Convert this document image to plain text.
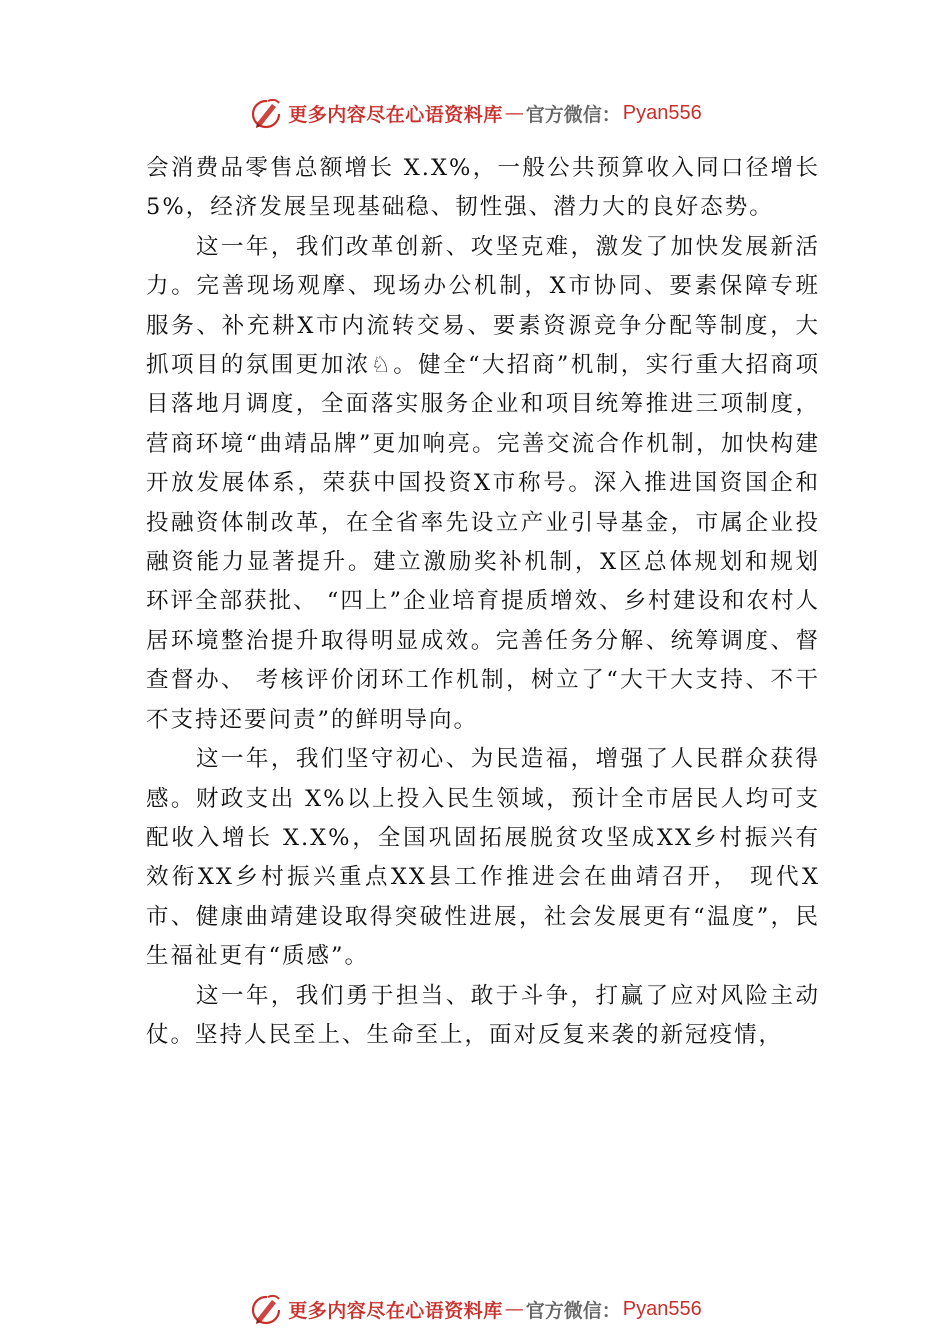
更多内容尽在心语资料库 — 官方微信： Pyan556

会消费品零售总额增长 X.X%，一般公共预算收入同口径增长5%，经济发展呈现基础稳、韧性强、潜力大的良好态势。

这一年，我们改革创新、攻坚克难，激发了加快发展新活力。完善现场观摩、现场办公机制，X市协同、要素保障专班服务、补充耕X市内流转交易、要素资源竞争分配等制度，大抓项目的氛围更加浓♘。健全“大招商”机制，实行重大招商项目落地月调度，全面落实服务企业和项目统筹推进三项制度，营商环境“曲靖品牌”更加响亮。完善交流合作机制，加快构建开放发展体系，荣获中国投资X市称号。深入推进国资国企和投融资体制改革，在全省率先设立产业引导基金，市属企业投融资能力显著提升。建立激励奖补机制，X区总体规划和规划环评全部获批、 “四上”企业培育提质增效、乡村建设和农村人居环境整治提升取得明显成效。完善任务分解、统筹调度、督查督办、 考核评价闭环工作机制，树立了“大干大支持、不干不支持还要问责”的鲜明导向。

这一年，我们坚守初心、为民造福，增强了人民群众获得感。财政支出 X%以上投入民生领域，预计全市居民人均可支配收入增长 X.X%，全国巩固拓展脱贫攻坚成XX乡村振兴有效衔XX乡村振兴重点XX县工作推进会在曲靖召开， 现代X市、健康曲靖建设取得突破性进展，社会发展更有“温度”，民生福祉更有“质感”。

这一年，我们勇于担当、敢于斗争，打赢了应对风险主动仗。坚持人民至上、生命至上，面对反复来袭的新冠疫情，

更多内容尽在心语资料库 — 官方微信： Pyan556
